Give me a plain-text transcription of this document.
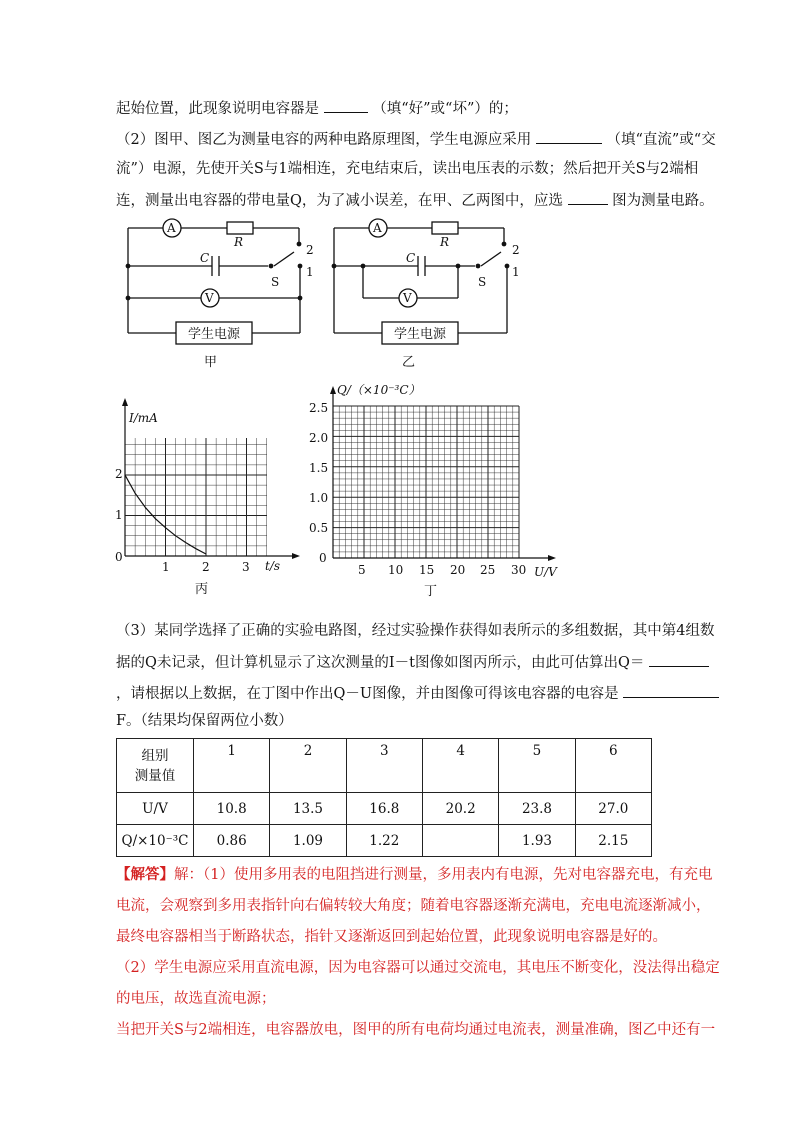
起始位置，此现象说明电容器是	（填“好”或“坏”）的；
（2）图甲、图乙为测量电容的两种电路原理图，学生电源应采用	（填“直流”或“交
流”）电源，先使开关S与1端相连，充电结束后，读出电压表的示数；然后把开关S与2端相
连，测量出电容器的带电量Q，为了减小误差，在甲、乙两图中，应选	图为测量电路。
A
V
R
C
S
2
1
学生电源
甲
A
V
R
C
S
2
1
学生电源
乙
I/mA
t/s
1	2	3
0
1
2
丙
Q/（×10⁻³C）
U/V
5 10 15 20 25 30
0
0.5
1.0
1.5
2.0
2.5
丁
（3）某同学选择了正确的实验电路图，经过实验操作获得如表所示的多组数据，其中第4组数
据的Q未记录，但计算机显示了这次测量的I－t图像如图丙所示，由此可估算出Q＝
，请根据以上数据，在丁图中作出Q－U图像，并由图像可得该电容器的电容是
F。（结果均保留两位小数）
组别
测量值	1	2	3	4	5	6
U/V	10.8	13.5	16.8	20.2	23.8	27.0
Q/×10⁻³C	0.86	1.09	1.22		1.93	2.15
【解答】解：（1）使用多用表的电阻挡进行测量，多用表内有电源，先对电容器充电，有充电
电流，会观察到多用表指针向右偏转较大角度；随着电容器逐渐充满电，充电电流逐渐减小，
最终电容器相当于断路状态，指针又逐渐返回到起始位置，此现象说明电容器是好的。
（2）学生电源应采用直流电源，因为电容器可以通过交流电，其电压不断变化，没法得出稳定
的电压，故选直流电源；
当把开关S与2端相连，电容器放电，图甲的所有电荷均通过电流表，测量准确，图乙中还有一
